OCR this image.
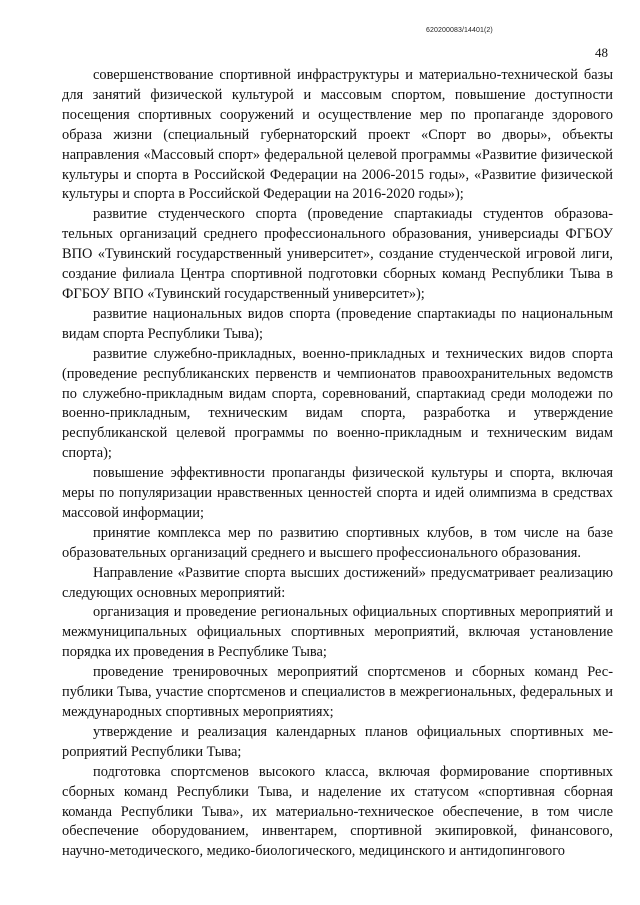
620200083/14401(2)
48

совершенствование спортивной инфраструктуры и материально-технической базы для занятий физической культурой и массовым спортом, повышение доступности посещения спортивных сооружений и осуществление мер по пропаганде здорового образа жизни (специальный губернаторский проект «Спорт во дворы», объекты направления «Массовый спорт» федеральной целевой программы «Развитие физической культуры и спорта в Российской Федерации на 2006-2015 годы», «Развитие физической культуры и спорта в Российской Федерации на 2016-2020 годы»);

развитие студенческого спорта (проведение спартакиады студентов образовательных организаций среднего профессионального образования, универсиады ФГБОУ ВПО «Тувинский государственный университет», создание студенческой игровой лиги, создание филиала Центра спортивной подготовки сборных команд Республики Тыва в ФГБОУ ВПО «Тувинский государственный университет»);

развитие национальных видов спорта (проведение спартакиады по национальным видам спорта Республики Тыва);

развитие служебно-прикладных, военно-прикладных и технических видов спорта (проведение республиканских первенств и чемпионатов правоохранительных ведомств по служебно-прикладным видам спорта, соревнований, спартакиад среди молодежи по военно-прикладным, техническим видам спорта, разработка и утверждение республиканской целевой программы по военно-прикладным и техническим видам спорта);

повышение эффективности пропаганды физической культуры и спорта, включая меры по популяризации нравственных ценностей спорта и идей олимпизма в средствах массовой информации;

принятие комплекса мер по развитию спортивных клубов, в том числе на базе образовательных организаций среднего и высшего профессионального образования.

Направление «Развитие спорта высших достижений» предусматривает реализацию следующих основных мероприятий:

организация и проведение региональных официальных спортивных мероприятий и межмуниципальных официальных спортивных мероприятий, включая установление порядка их проведения в Республике Тыва;

проведение тренировочных мероприятий спортсменов и сборных команд Республики Тыва, участие спортсменов и специалистов в межрегиональных, федеральных и международных спортивных мероприятиях;

утверждение и реализация календарных планов официальных спортивных мероприятий Республики Тыва;

подготовка спортсменов высокого класса, включая формирование спортивных сборных команд Республики Тыва, и наделение их статусом «спортивная сборная команда Республики Тыва», их материально-техническое обеспечение, в том числе обеспечение оборудованием, инвентарем, спортивной экипировкой, финансового, научно-методического, медико-биологического, медицинского и антидопингового
